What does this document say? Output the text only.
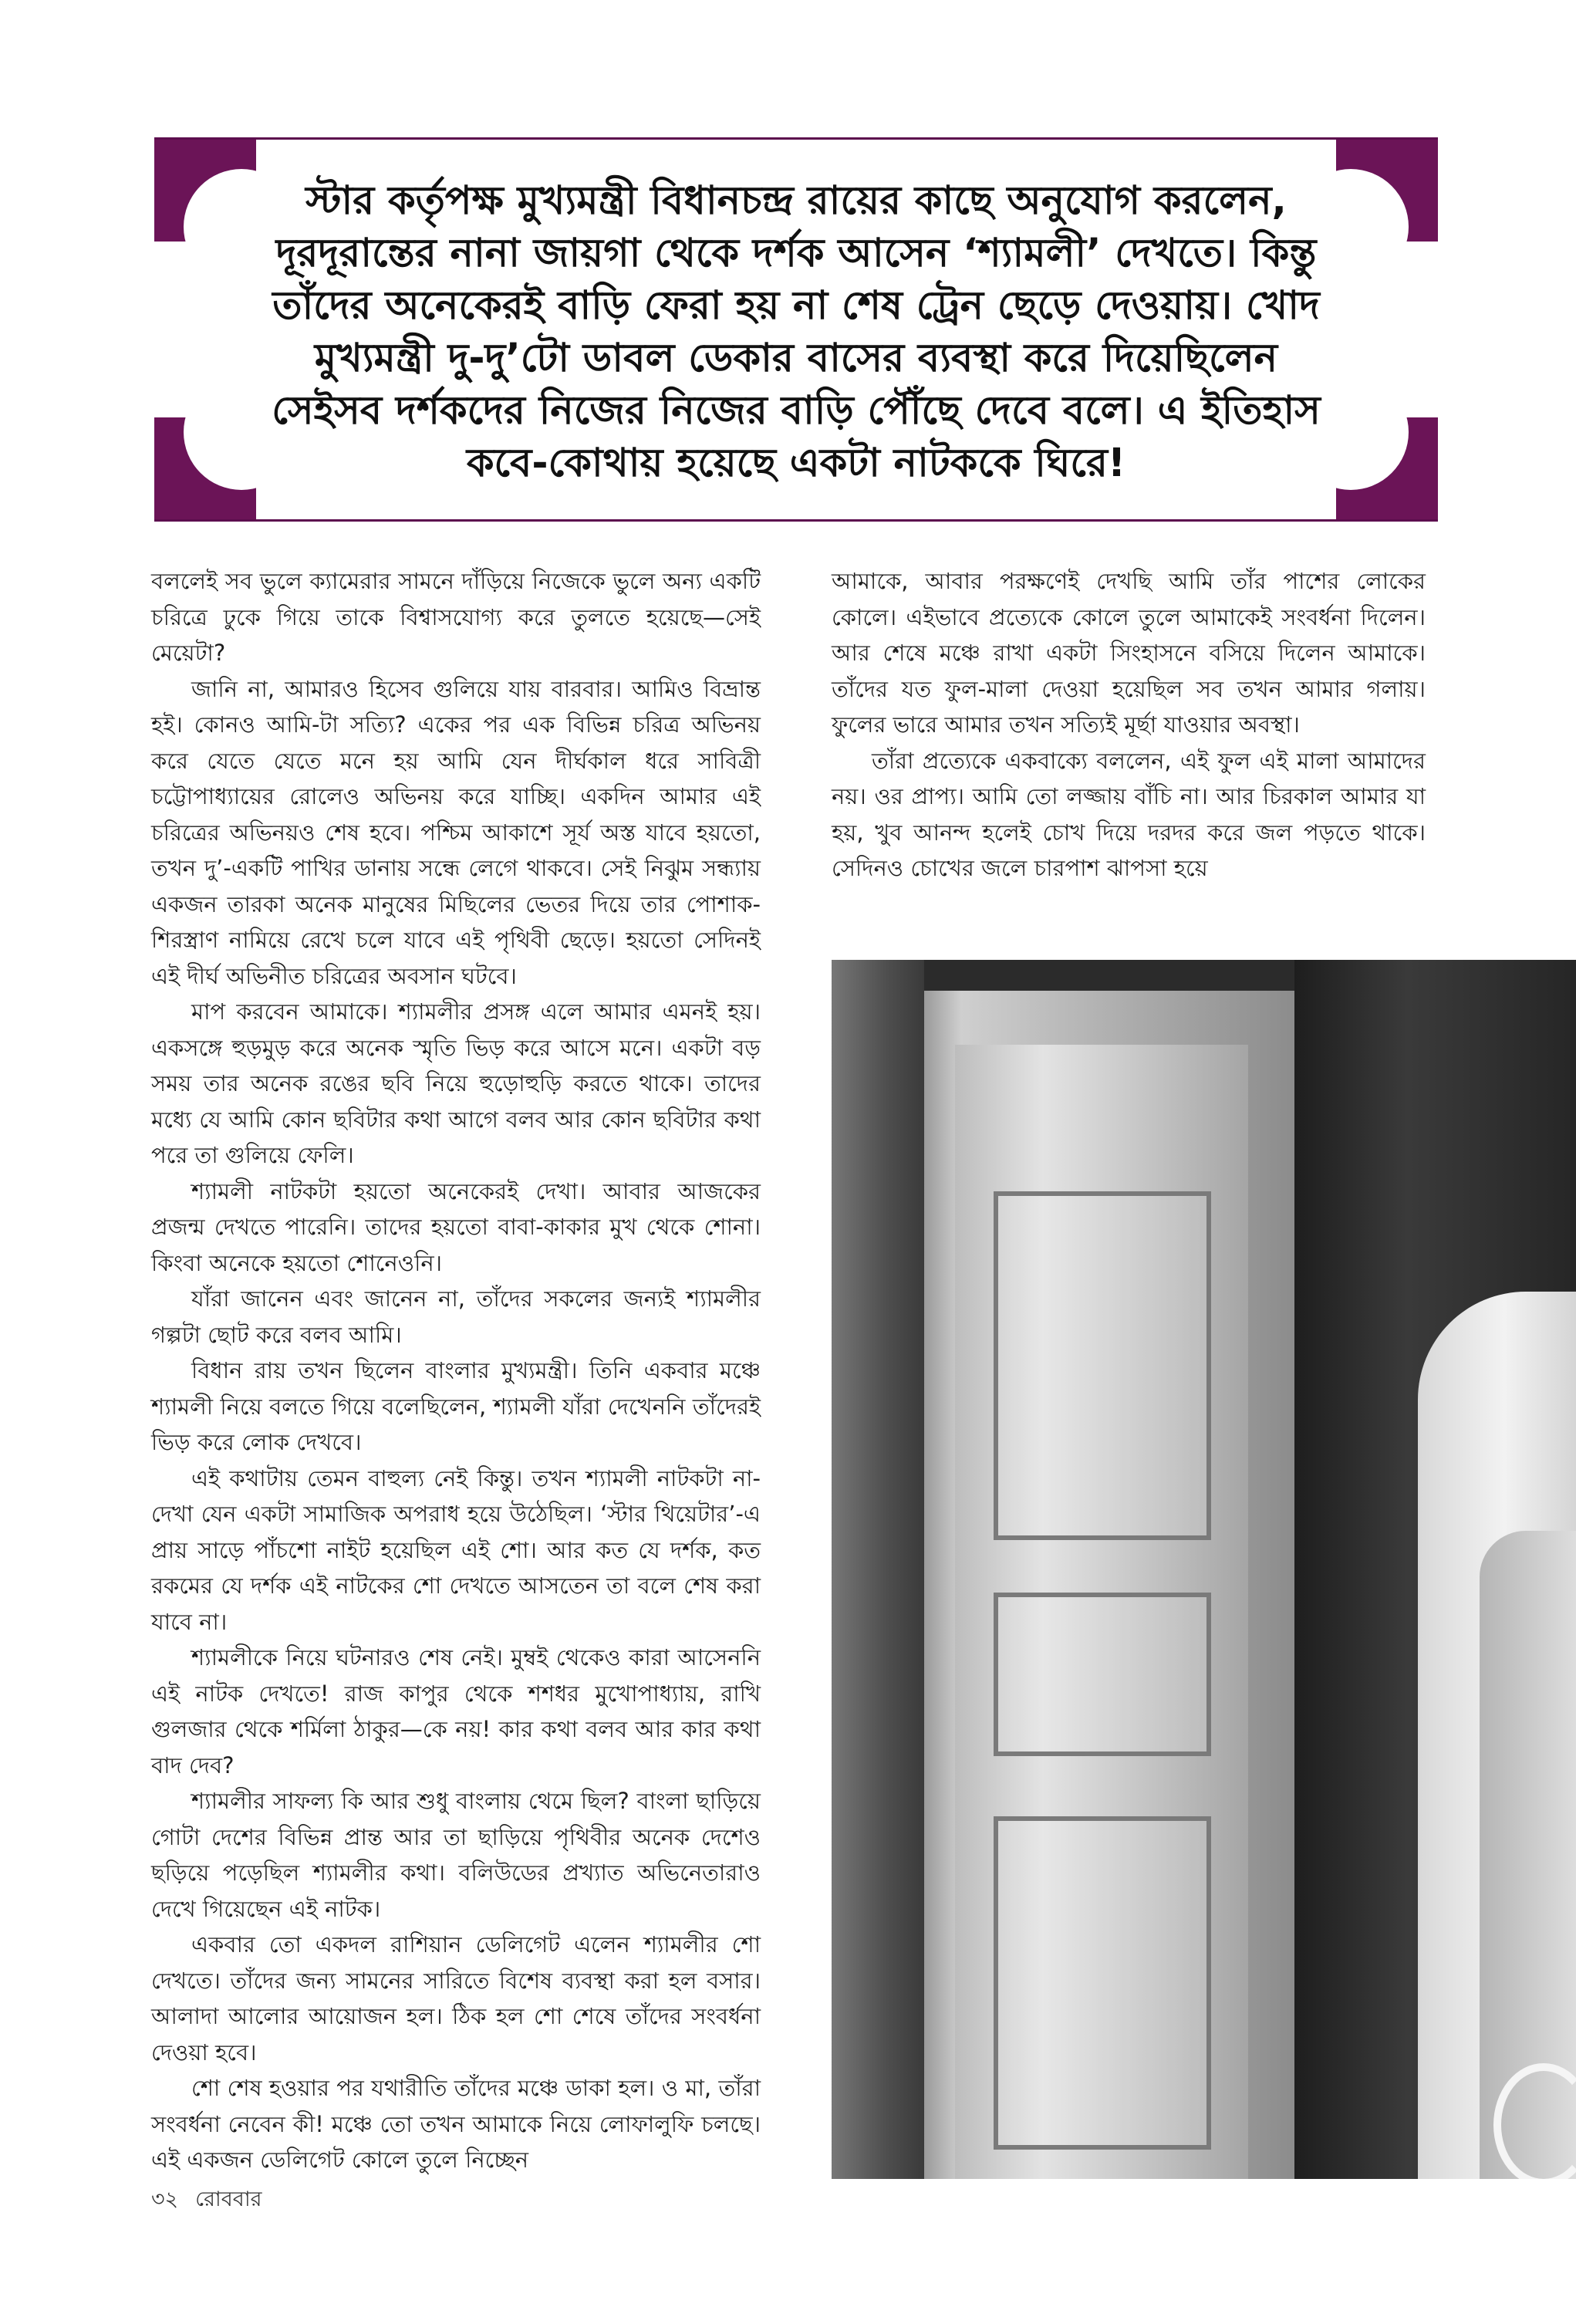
স্টার কর্তৃপক্ষ মুখ্যমন্ত্রী বিধানচন্দ্র রায়ের কাছে অনুযোগ করলেন, দূরদূরান্তের নানা জায়গা থেকে দর্শক আসেন ‘শ্যামলী’ দেখতে। কিন্তু তাঁদের অনেকেরই বাড়ি ফেরা হয় না শেষ ট্রেন ছেড়ে দেওয়ায়। খোদ মুখ্যমন্ত্রী দু-দু’টো ডাবল ডেকার বাসের ব্যবস্থা করে দিয়েছিলেন সেইসব দর্শকদের নিজের নিজের বাড়ি পৌঁছে দেবে বলে। এ ইতিহাস কবে-কোথায় হয়েছে একটা নাটককে ঘিরে!

বললেই সব ভুলে ক্যামেরার সামনে দাঁড়িয়ে নিজেকে ভুলে অন্য একটি চরিত্রে ঢুকে গিয়ে তাকে বিশ্বাসযোগ্য করে তুলতে হয়েছে—সেই মেয়েটা?

জানি না, আমারও হিসেব গুলিয়ে যায় বারবার। আমিও বিভ্রান্ত হই। কোনও আমি-টা সত্যি? একের পর এক বিভিন্ন চরিত্র অভিনয় করে যেতে যেতে মনে হয় আমি যেন দীর্ঘকাল ধরে সাবিত্রী চট্টোপাধ্যায়ের রোলেও অভিনয় করে যাচ্ছি। একদিন আমার এই চরিত্রের অভিনয়ও শেষ হবে। পশ্চিম আকাশে সূর্য অস্ত যাবে হয়তো, তখন দু’-একটি পাখির ডানায় সন্ধে লেগে থাকবে। সেই নিঝুম সন্ধ্যায় একজন তারকা অনেক মানুষের মিছিলের ভেতর দিয়ে তার পোশাক-শিরস্ত্রাণ নামিয়ে রেখে চলে যাবে এই পৃথিবী ছেড়ে। হয়তো সেদিনই এই দীর্ঘ অভিনীত চরিত্রের অবসান ঘটবে।

মাপ করবেন আমাকে। শ্যামলীর প্রসঙ্গ এলে আমার এমনই হয়। একসঙ্গে হুড়মুড় করে অনেক স্মৃতি ভিড় করে আসে মনে। একটা বড় সময় তার অনেক রঙের ছবি নিয়ে হুড়োহুড়ি করতে থাকে। তাদের মধ্যে যে আমি কোন ছবিটার কথা আগে বলব আর কোন ছবিটার কথা পরে তা গুলিয়ে ফেলি।

শ্যামলী নাটকটা হয়তো অনেকেরই দেখা। আবার আজকের প্রজন্ম দেখতে পারেনি। তাদের হয়তো বাবা-কাকার মুখ থেকে শোনা। কিংবা অনেকে হয়তো শোনেওনি।

যাঁরা জানেন এবং জানেন না, তাঁদের সকলের জন্যই শ্যামলীর গল্পটা ছোট করে বলব আমি।

বিধান রায় তখন ছিলেন বাংলার মুখ্যমন্ত্রী। তিনি একবার মঞ্চে শ্যামলী নিয়ে বলতে গিয়ে বলেছিলেন, শ্যামলী যাঁরা দেখেননি তাঁদেরই ভিড় করে লোক দেখবে।

এই কথাটায় তেমন বাহুল্য নেই কিন্তু। তখন শ্যামলী নাটকটা না-দেখা যেন একটা সামাজিক অপরাধ হয়ে উঠেছিল। ‘স্টার থিয়েটার’-এ প্রায় সাড়ে পাঁচশো নাইট হয়েছিল এই শো। আর কত যে দর্শক, কত রকমের যে দর্শক এই নাটকের শো দেখতে আসতেন তা বলে শেষ করা যাবে না।

শ্যামলীকে নিয়ে ঘটনারও শেষ নেই। মুম্বই থেকেও কারা আসেননি এই নাটক দেখতে! রাজ কাপুর থেকে শশধর মুখোপাধ্যায়, রাখি গুলজার থেকে শর্মিলা ঠাকুর—কে নয়! কার কথা বলব আর কার কথা বাদ দেব?

শ্যামলীর সাফল্য কি আর শুধু বাংলায় থেমে ছিল? বাংলা ছাড়িয়ে গোটা দেশের বিভিন্ন প্রান্ত আর তা ছাড়িয়ে পৃথিবীর অনেক দেশেও ছড়িয়ে পড়েছিল শ্যামলীর কথা। বলিউডের প্রখ্যাত অভিনেতারাও দেখে গিয়েছেন এই নাটক।

একবার তো একদল রাশিয়ান ডেলিগেট এলেন শ্যামলীর শো দেখতে। তাঁদের জন্য সামনের সারিতে বিশেষ ব্যবস্থা করা হল বসার। আলাদা আলোর আয়োজন হল। ঠিক হল শো শেষে তাঁদের সংবর্ধনা দেওয়া হবে।

শো শেষ হওয়ার পর যথারীতি তাঁদের মঞ্চে ডাকা হল। ও মা, তাঁরা সংবর্ধনা নেবেন কী! মঞ্চে তো তখন আমাকে নিয়ে লোফালুফি চলছে। এই একজন ডেলিগেট কোলে তুলে নিচ্ছেন

আমাকে, আবার পরক্ষণেই দেখছি আমি তাঁর পাশের লোকের কোলে। এইভাবে প্রত্যেকে কোলে তুলে আমাকেই সংবর্ধনা দিলেন। আর শেষে মঞ্চে রাখা একটা সিংহাসনে বসিয়ে দিলেন আমাকে। তাঁদের যত ফুল-মালা দেওয়া হয়েছিল সব তখন আমার গলায়। ফুলের ভারে আমার তখন সত্যিই মূর্ছা যাওয়ার অবস্থা।

তাঁরা প্রত্যেকে একবাক্যে বললেন, এই ফুল এই মালা আমাদের নয়। ওর প্রাপ্য। আমি তো লজ্জায় বাঁচি না। আর চিরকাল আমার যা হয়, খুব আনন্দ হলেই চোখ দিয়ে দরদর করে জল পড়তে থাকে। সেদিনও চোখের জলে চারপাশ ঝাপসা হয়ে

৩২ রোববার
